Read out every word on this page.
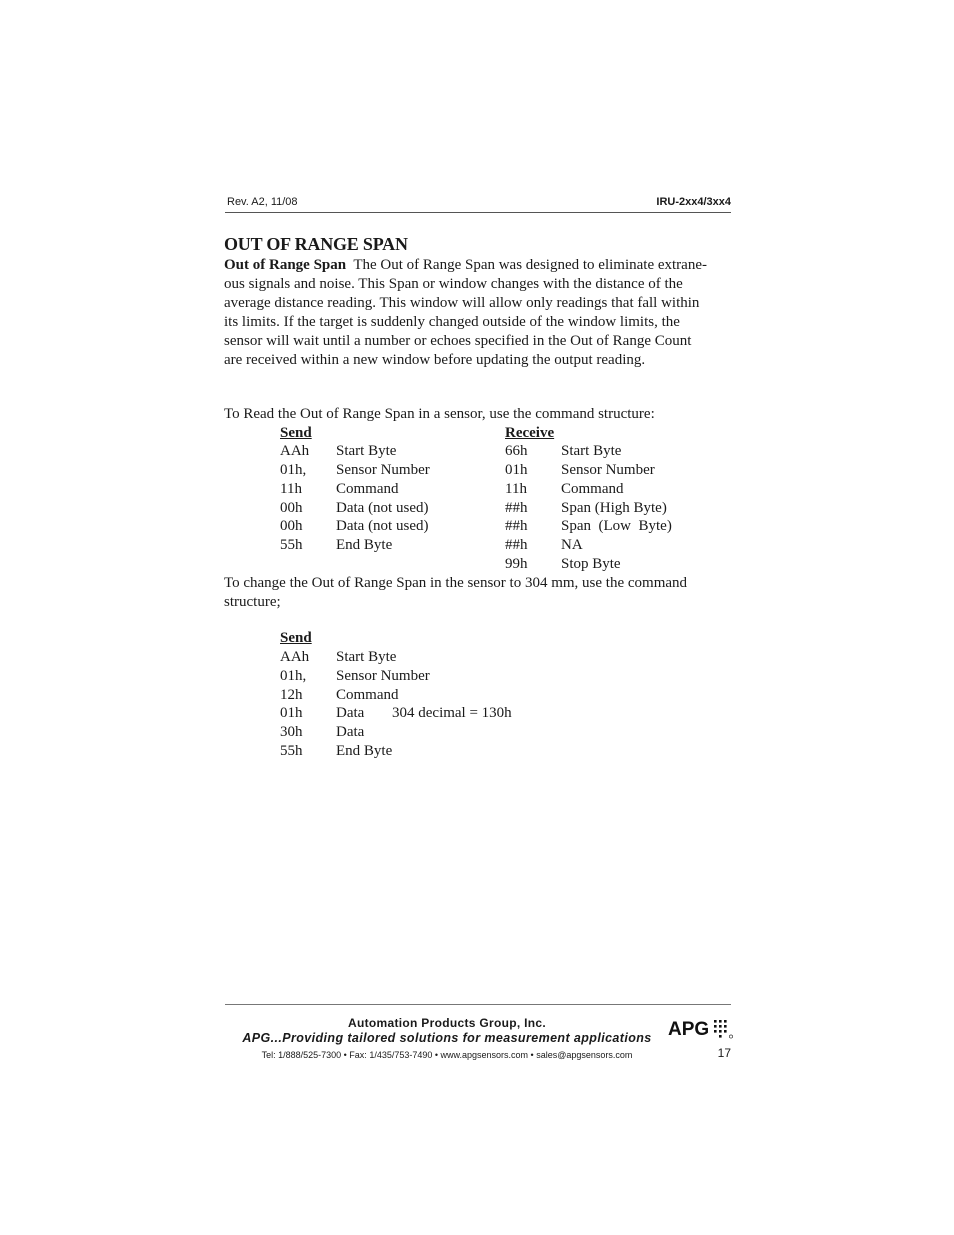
Rev. A2, 11/08	IRU-2xx4/3xx4
OUT OF RANGE SPAN
Out of Range Span The Out of Range Span was designed to eliminate extrane-
ous signals and noise. This Span or window changes with the distance of the
average distance reading. This window will allow only readings that fall within
its limits. If the target is suddenly changed outside of the window limits, the
sensor will wait until a number or echoes specified in the Out of Range Count
are received within a new window before updating the output reading.
To Read the Out of Range Span in a sensor, use the command structure:
Send	Receive
AAh Start Byte
01h, Sensor Number
11h Command
00h Data (not used)
00h Data (not used)
55h End Byte
66h Start Byte
01h Sensor Number
11h Command
##h Span (High Byte)
##h Span  (Low  Byte)
##h NA
99h Stop Byte
To change the Out of Range Span in the sensor to 304 mm, use the command
structure;
Send
AAh Start Byte
01h, Sensor Number
12h Command
01h Data 304 decimal = 130h
30h Data
55h End Byte
Automation Products Group, Inc.
APG...Providing tailored solutions for measurement applications
Tel: 1/888/525-7300 • Fax: 1/435/753-7490 • www.apgsensors.com • sales@apgsensors.com
APG
17
